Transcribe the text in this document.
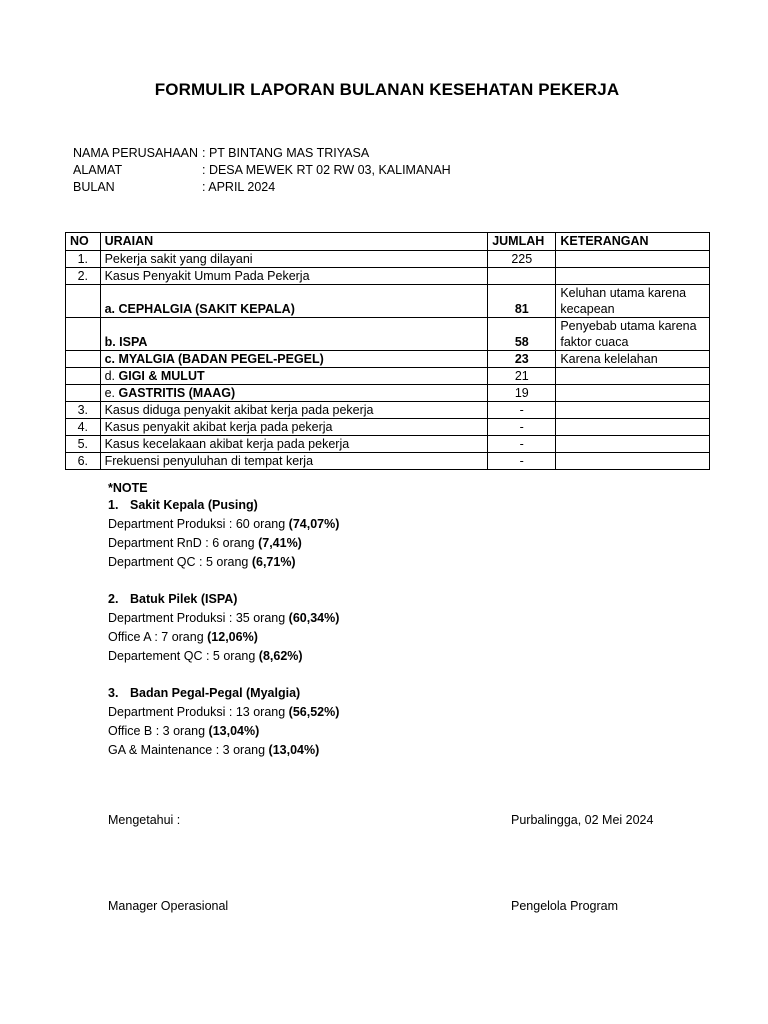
FORMULIR LAPORAN BULANAN KESEHATAN PEKERJA
NAMA PERUSAHAAN : PT BINTANG MAS TRIYASA
ALAMAT	: DESA MEWEK RT 02 RW 03, KALIMANAH
BULAN	: APRIL 2024
NO	URAIAN	JUMLAH	KETERANGAN
1.	Pekerja sakit yang dilayani	225	
2.	Kasus Penyakit Umum Pada Pekerja		
	a. CEPHALGIA (SAKIT KEPALA)	81	Keluhan utama karena kecapean
	b. ISPA	58	Penyebab utama karena faktor cuaca
	c. MYALGIA (BADAN PEGEL-PEGEL)	23	Karena kelelahan
	d. GIGI & MULUT	21	
	e. GASTRITIS (MAAG)	19	
3.	Kasus diduga penyakit akibat kerja pada pekerja	-	
4.	Kasus penyakit akibat kerja pada pekerja	-	
5.	Kasus kecelakaan akibat kerja pada pekerja	-	
6.	Frekuensi penyuluhan di tempat kerja	-	
*NOTE
1. Sakit Kepala (Pusing)
Department Produksi : 60 orang (74,07%)
Department RnD : 6 orang (7,41%)
Department QC : 5 orang (6,71%)
2. Batuk Pilek (ISPA)
Department Produksi : 35 orang (60,34%)
Office A : 7 orang (12,06%)
Departement QC : 5 orang (8,62%)
3. Badan Pegal-Pegal (Myalgia)
Department Produksi : 13 orang (56,52%)
Office B : 3 orang (13,04%)
GA & Maintenance : 3 orang (13,04%)
Mengetahui :	Purbalingga, 02 Mei 2024
Manager Operasional	Pengelola Program
